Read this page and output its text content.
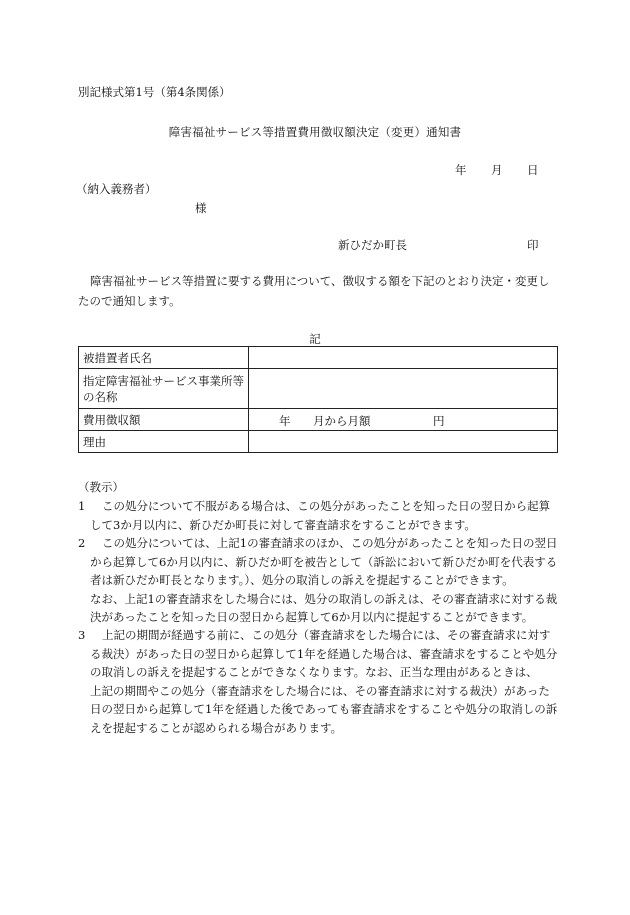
別記様式第1号（第4条関係）
障害福祉サービス等措置費用徴収額決定（変更）通知書
年 月 日
（納入義務者）
様
新ひだか町長	印
障害福祉サービス等措置に要する費用について、徴収する額を下記のとおり決定・変更したので通知します。
記
被措置者氏名	
指定障害福祉サービス事業所等の名称	
費用徴収額	年 月から月額 円

理由	
（教示）
1	この処分について不服がある場合は、この処分があったことを知った日の翌日から起算して3か月以内に、新ひだか町長に対して審査請求をすることができます。
2	この処分については、上記1の審査請求のほか、この処分があったことを知った日の翌日から起算して6か月以内に、新ひだか町を被告として（訴訟において新ひだか町を代表する者は新ひだか町長となります。）、処分の取消しの訴えを提起することができます。
なお、上記1の審査請求をした場合には、処分の取消しの訴えは、その審査請求に対する裁決があったことを知った日の翌日から起算して6か月以内に提起することができます。
3	上記の期間が経過する前に、この処分（審査請求をした場合には、その審査請求に対する裁決）があった日の翌日から起算して1年を経過した場合は、審査請求をすることや処分の取消しの訴えを提起することができなくなります。なお、正当な理由があるときは、
上記の期間やこの処分（審査請求をした場合には、その審査請求に対する裁決）があった日の翌日から起算して1年を経過した後であっても審査請求をすることや処分の取消しの訴えを提起することが認められる場合があります。
